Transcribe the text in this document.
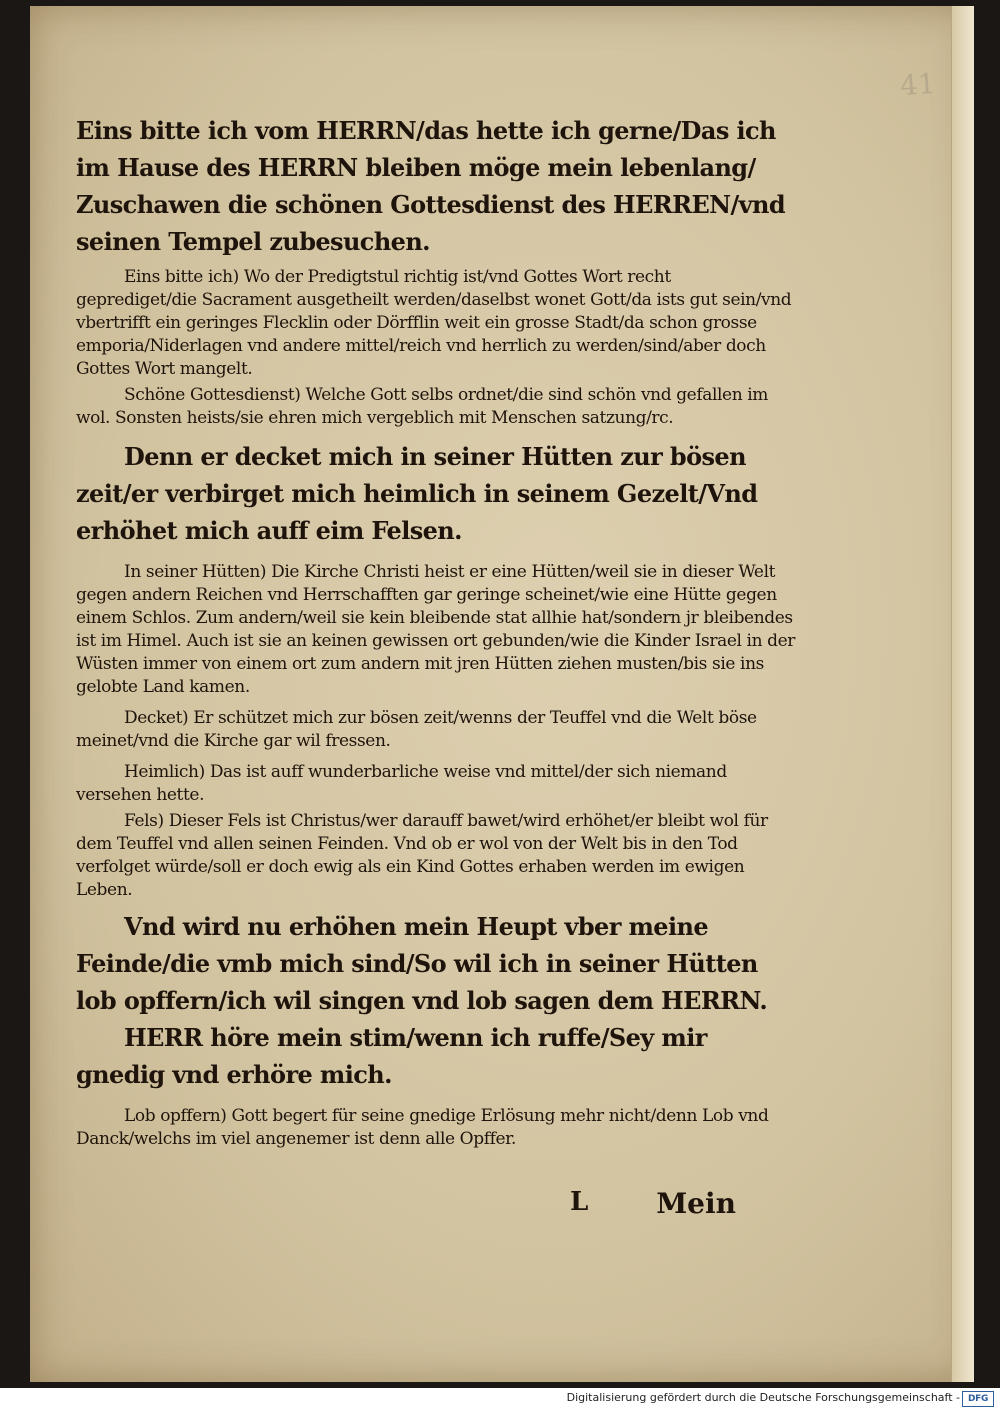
41

Eins bitte ich vom HERRN/das hette ich gerne/Das ich im Hause des HERRN bleiben möge mein lebenlang/ Zuschawen die schönen Gottesdienst des HERREN/vnd seinen Tempel zubesuchen.

Eins bitte ich) Wo der Predigtstul richtig ist/vnd Gottes Wort recht geprediget/die Sacrament ausgetheilt werden/daselbst wonet Gott/da ists gut sein/vnd vbertrifft ein geringes Flecklin oder Dörfflin weit ein grosse Stadt/da schon grosse emporia/Niderlagen vnd andere mittel/reich vnd herrlich zu werden/sind/aber doch Gottes Wort mangelt.

Schöne Gottesdienst) Welche Gott selbs ordnet/die sind schön vnd gefallen im wol. Sonsten heists/sie ehren mich vergeblich mit Menschen satzung/rc.

Denn er decket mich in seiner Hütten zur bösen zeit/er verbirget mich heimlich in seinem Gezelt/Vnd erhöhet mich auff eim Felsen.

In seiner Hütten) Die Kirche Christi heist er eine Hütten/weil sie in dieser Welt gegen andern Reichen vnd Herrschafften gar geringe scheinet/wie eine Hütte gegen einem Schlos. Zum andern/weil sie kein bleibende stat allhie hat/sondern jr bleibendes ist im Himel. Auch ist sie an keinen gewissen ort gebunden/wie die Kinder Israel in der Wüsten immer von einem ort zum andern mit jren Hütten ziehen musten/bis sie ins gelobte Land kamen.

Decket) Er schützet mich zur bösen zeit/wenns der Teuffel vnd die Welt böse meinet/vnd die Kirche gar wil fressen.

Heimlich) Das ist auff wunderbarliche weise vnd mittel/der sich niemand versehen hette.

Fels) Dieser Fels ist Christus/wer darauff bawet/wird erhöhet/er bleibt wol für dem Teuffel vnd allen seinen Feinden. Vnd ob er wol von der Welt bis in den Tod verfolget würde/soll er doch ewig als ein Kind Gottes erhaben werden im ewigen Leben.

Vnd wird nu erhöhen mein Heupt vber meine Feinde/die vmb mich sind/So wil ich in seiner Hütten lob opffern/ich wil singen vnd lob sagen dem HERRN.

HERR höre mein stim/wenn ich ruffe/Sey mir gnedig vnd erhöre mich.

Lob opffern) Gott begert für seine gnedige Erlösung mehr nicht/denn Lob vnd Danck/welchs im viel angenemer ist denn alle Opffer.

L Mein
Digitalisierung gefördert durch die Deutsche Forschungsgemeinschaft - DFG
